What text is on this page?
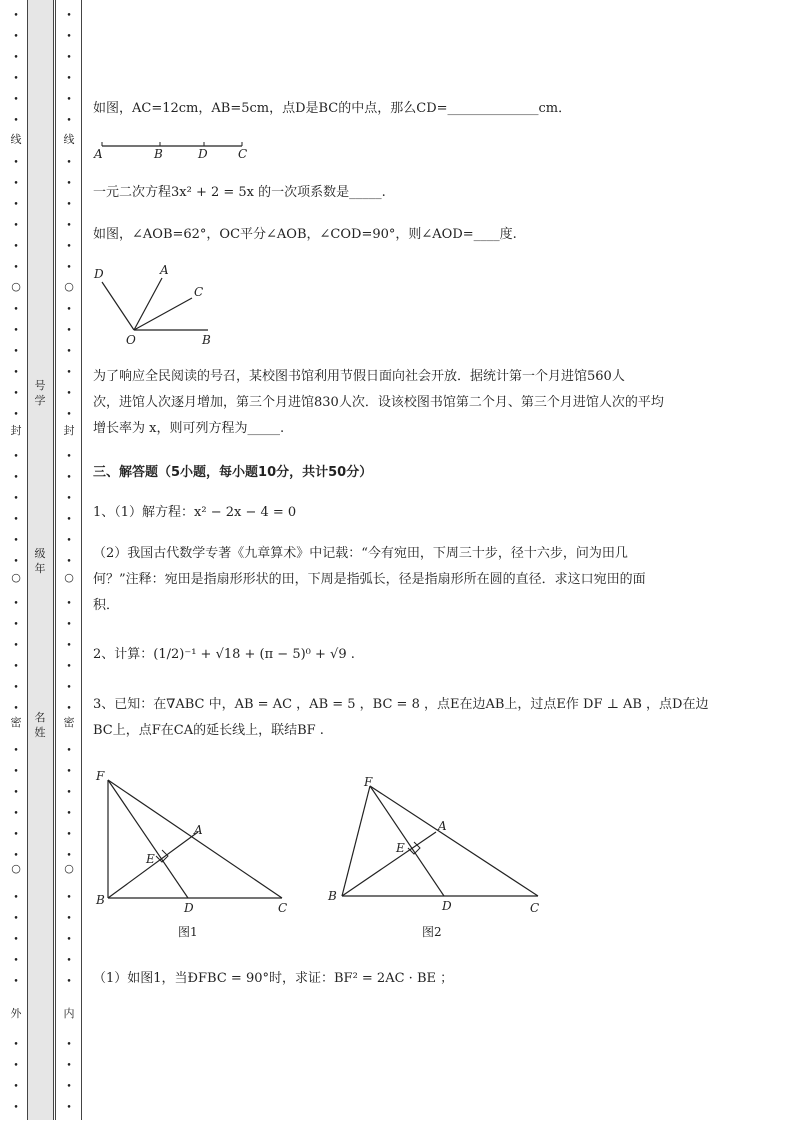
•
•
•
•
•
•
•
•
•
•
•
•
•
•
•
•
•
•
•
•
•
•
•
•
•
•
•
•
•
•
•
•
•
•
•
•
•
•
•
•
•
•
•
•
•
○
○
○
•
•
•
•
•
•
•
•
•
•
•
•
•
•
•
•
•
•
•
•
•
•
•
•
•
•
•
•
•
•
•
•
•
•
•
•
•
•
•
•
•
•
•
•
•
○
○
○
线
封
密
外
线
封
密
内
号学
级年
名姓
如图，AC=12cm，AB=5cm，点D是BC的中点，那么CD=______________cm．
A	B	D	C
一元二次方程3x² + 2 = 5x 的一次项系数是_____.
如图，∠AOB=62°，OC平分∠AOB，∠COD=90°，则∠AOD=____度.
D	A
C
O	B
为了响应全民阅读的号召，某校图书馆利用节假日面向社会开放．据统计第一个月进馆560人
次，进馆人次逐月增加，第三个月进馆830人次．设该校图书馆第二个月、第三个月进馆人次的平均
增长率为 x，则可列方程为_____.
三、解答题（5小题，每小题10分，共计50分）
1、（1）解方程：x² − 2x − 4 = 0
（2）我国古代数学专著《九章算术》中记载：“今有宛田，下周三十步，径十六步，问为田几
何？”注释：宛田是指扇形形状的田，下周是指弧长，径是指扇形所在圆的直径．求这口宛田的面
积．
2、计算：(1/2)⁻¹ + √18 + (π − 5)⁰ + √9 .
3、已知：在∇ABC 中，AB = AC ，AB = 5 ，BC = 8 ，点E在边AB上，过点E作 DF ⊥ AB ，点D在边
BC上，点F在CA的延长线上，联结BF .
F
A
E
B
D	C
图1
F
A
E
B
D	C
图2
（1）如图1，当ÐFBC = 90°时，求证：BF² = 2AC · BE ；
